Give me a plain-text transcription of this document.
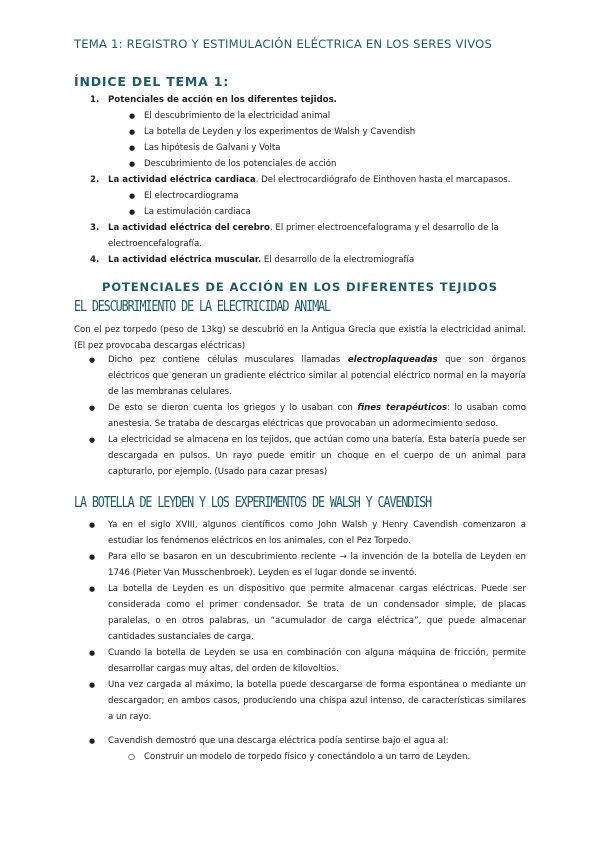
TEMA 1: REGISTRO Y ESTIMULACIÓN ELÉCTRICA EN LOS SERES VIVOS
ÍNDICE DEL TEMA 1:
1. Potenciales de acción en los diferentes tejidos.
● El descubrimiento de la electricidad animal
● La botella de Leyden y los experimentos de Walsh y Cavendish
● Las hipótesis de Galvani y Volta
● Descubrimiento de los potenciales de acción
2. La actividad eléctrica cardiaca. Del electrocardiógrafo de Einthoven hasta el marcapasos.
● El electrocardiograma
● La estimulación cardiaca
3. La actividad eléctrica del cerebro. El primer electroencefalograma y el desarrollo de la electroencefalografía.
4. La actividad eléctrica muscular. El desarrollo de la electromiografía
POTENCIALES DE ACCIÓN EN LOS DIFERENTES TEJIDOS
EL DESCUBRIMIENTO DE LA ELECTRICIDAD ANIMAL
Con el pez torpedo (peso de 13kg) se descubrió en la Antigua Grecia que existía la electricidad animal. (El pez provocaba descargas eléctricas)
● Dicho pez contiene células musculares llamadas electroplaqueadas que son órganos eléctricos que generan un gradiente eléctrico similar al potencial eléctrico normal en la mayoría de las membranas celulares.
● De esto se dieron cuenta los griegos y lo usaban con fines terapéuticos: lo usaban como anestesia. Se trataba de descargas eléctricas que provocaban un adormecimiento sedoso.
● La electricidad se almacena en los tejidos, que actúan como una batería. Esta batería puede ser descargada en pulsos. Un rayo puede emitir un choque en el cuerpo de un animal para capturarlo, por ejemplo. (Usado para cazar presas)
LA BOTELLA DE LEYDEN Y LOS EXPERIMENTOS DE WALSH Y CAVENDISH
● Ya en el siglo XVIII, algunos científicos como John Walsh y Henry Cavendish comenzaron a estudiar los fenómenos eléctricos en los animales, con el Pez Torpedo.
● Para ello se basaron en un descubrimiento reciente → la invención de la botella de Leyden en 1746 (Pieter Van Musschenbroek). Leyden es el lugar donde se inventó.
● La botella de Leyden es un dispositivo que permite almacenar cargas eléctricas. Puede ser considerada como el primer condensador. Se trata de un condensador simple, de placas paralelas, o en otros palabras, un “acumulador de carga eléctrica”, que puede almacenar cantidades sustanciales de carga.
● Cuando la botella de Leyden se usa en combinación con alguna máquina de fricción, permite desarrollar cargas muy altas, del orden de kilovoltios.
● Una vez cargada al máximo, la botella puede descargarse de forma espontánea o mediante un descargador; en ambos casos, produciendo una chispa azul intenso, de características similares a un rayo.
● Cavendish demostró que una descarga eléctrica podía sentirse bajo el agua al:
○ Construir un modelo de torpedo físico y conectándolo a un tarro de Leyden.
